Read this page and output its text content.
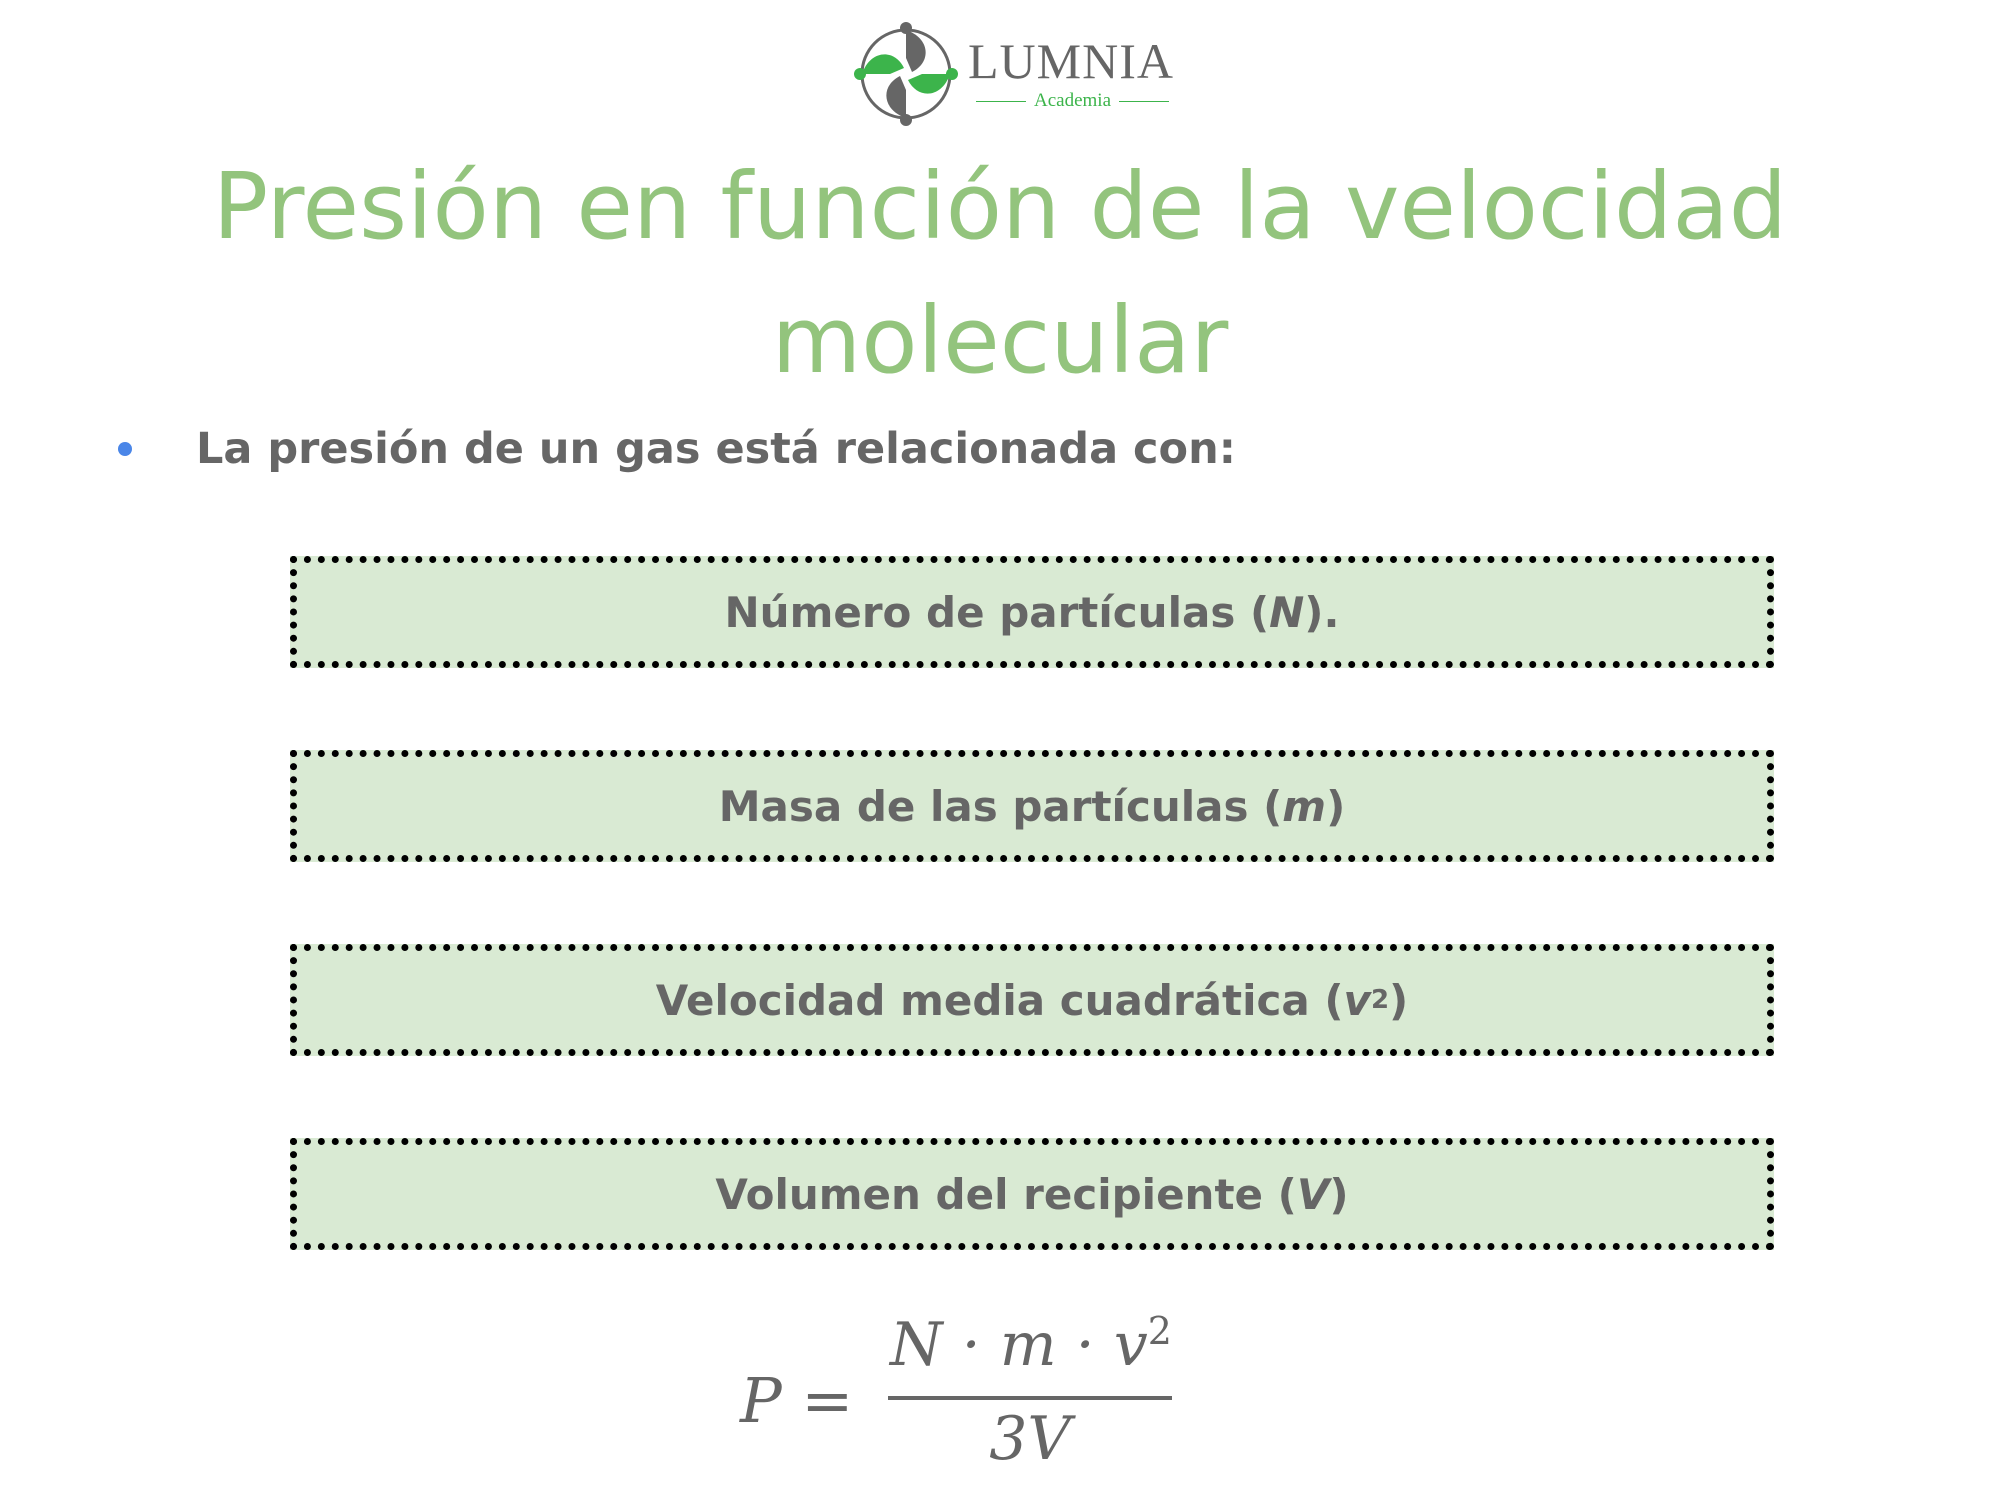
LUMNIA
Academia
Presión en función de la velocidad molecular
La presión de un gas está relacionada con:
Número de partículas ( N ).
Masa de las partículas ( m )
Velocidad media cuadrática ( v 2 )
Volumen del recipiente ( V )
P =
$N \cdot m \cdot v^2$
3V
